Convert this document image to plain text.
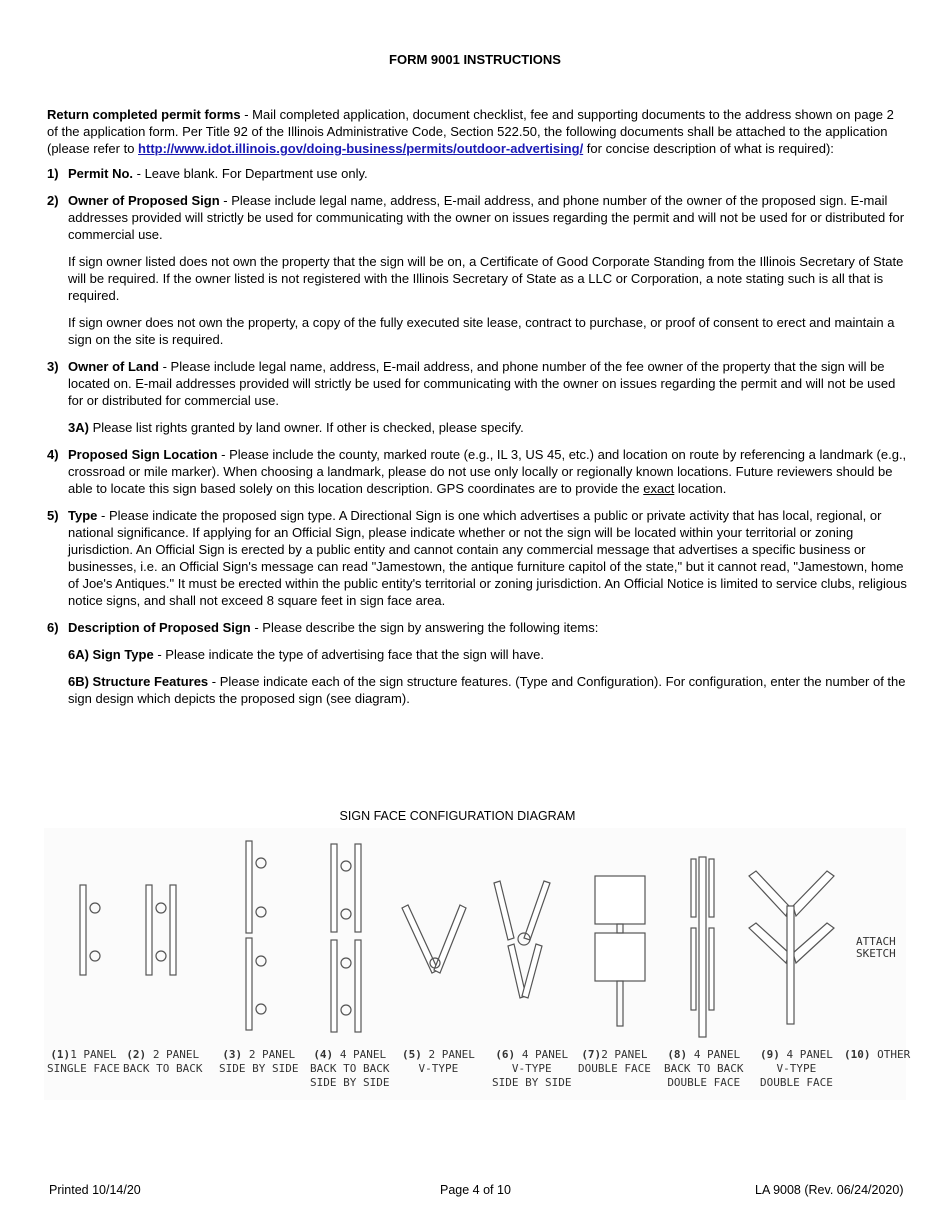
FORM 9001 INSTRUCTIONS

Return completed permit forms - Mail completed application, document checklist, fee and supporting documents to the address shown on page 2 of the application form. Per Title 92 of the Illinois Administrative Code, Section 522.50, the following documents shall be attached to the application (please refer to http://www.idot.illinois.gov/doing-business/permits/outdoor-advertising/ for concise description of what is required):

1) Permit No. - Leave blank. For Department use only.

2) Owner of Proposed Sign - Please include legal name, address, E-mail address, and phone number of the owner of the proposed sign. E-mail addresses provided will strictly be used for communicating with the owner on issues regarding the permit and will not be used for or distributed for commercial use.

If sign owner listed does not own the property that the sign will be on, a Certificate of Good Corporate Standing from the Illinois Secretary of State will be required. If the owner listed is not registered with the Illinois Secretary of State as a LLC or Corporation, a note stating such is all that is required.

If sign owner does not own the property, a copy of the fully executed site lease, contract to purchase, or proof of consent to erect and maintain a sign on the site is required.

3) Owner of Land - Please include legal name, address, E-mail address, and phone number of the fee owner of the property that the sign will be located on. E-mail addresses provided will strictly be used for communicating with the owner on issues regarding the permit and will not be used for or distributed for commercial use.

3A) Please list rights granted by land owner. If other is checked, please specify.

4) Proposed Sign Location - Please include the county, marked route (e.g., IL 3, US 45, etc.) and location on route by referencing a landmark (e.g., crossroad or mile marker). When choosing a landmark, please do not use only locally or regionally known locations. Future reviewers should be able to locate this sign based solely on this location description. GPS coordinates are to provide the exact location.

5) Type - Please indicate the proposed sign type. A Directional Sign is one which advertises a public or private activity that has local, regional, or national significance. If applying for an Official Sign, please indicate whether or not the sign will be located within your territorial or zoning jurisdiction. An Official Sign is erected by a public entity and cannot contain any commercial message that advertises a specific business or businesses, i.e. an Official Sign's message can read "Jamestown, the antique furniture capitol of the state," but it cannot read, "Jamestown, home of Joe's Antiques." It must be erected within the public entity's territorial or zoning jurisdiction. An Official Notice is limited to service clubs, religious notice signs, and shall not exceed 8 square feet in sign face area.

6) Description of Proposed Sign - Please describe the sign by answering the following items:

6A) Sign Type - Please indicate the type of advertising face that the sign will have.

6B) Structure Features - Please indicate each of the sign structure features. (Type and Configuration). For configuration, enter the number of the sign design which depicts the proposed sign (see diagram).

SIGN FACE CONFIGURATION DIAGRAM
ATTACH
SKETCH
(1)1 PANEL
SINGLE FACE
(2) 2 PANEL
BACK TO BACK
(3) 2 PANEL
SIDE BY SIDE
(4) 4 PANEL
BACK TO BACK
SIDE BY SIDE
(5) 2 PANEL
V-TYPE
(6) 4 PANEL
V-TYPE
SIDE BY SIDE
(7)2 PANEL
DOUBLE FACE
(8) 4 PANEL
BACK TO BACK
DOUBLE FACE
(9) 4 PANEL
V-TYPE
DOUBLE FACE
(10) OTHER
Printed 10/14/20	Page 4 of 10	LA 9008 (Rev. 06/24/2020)
